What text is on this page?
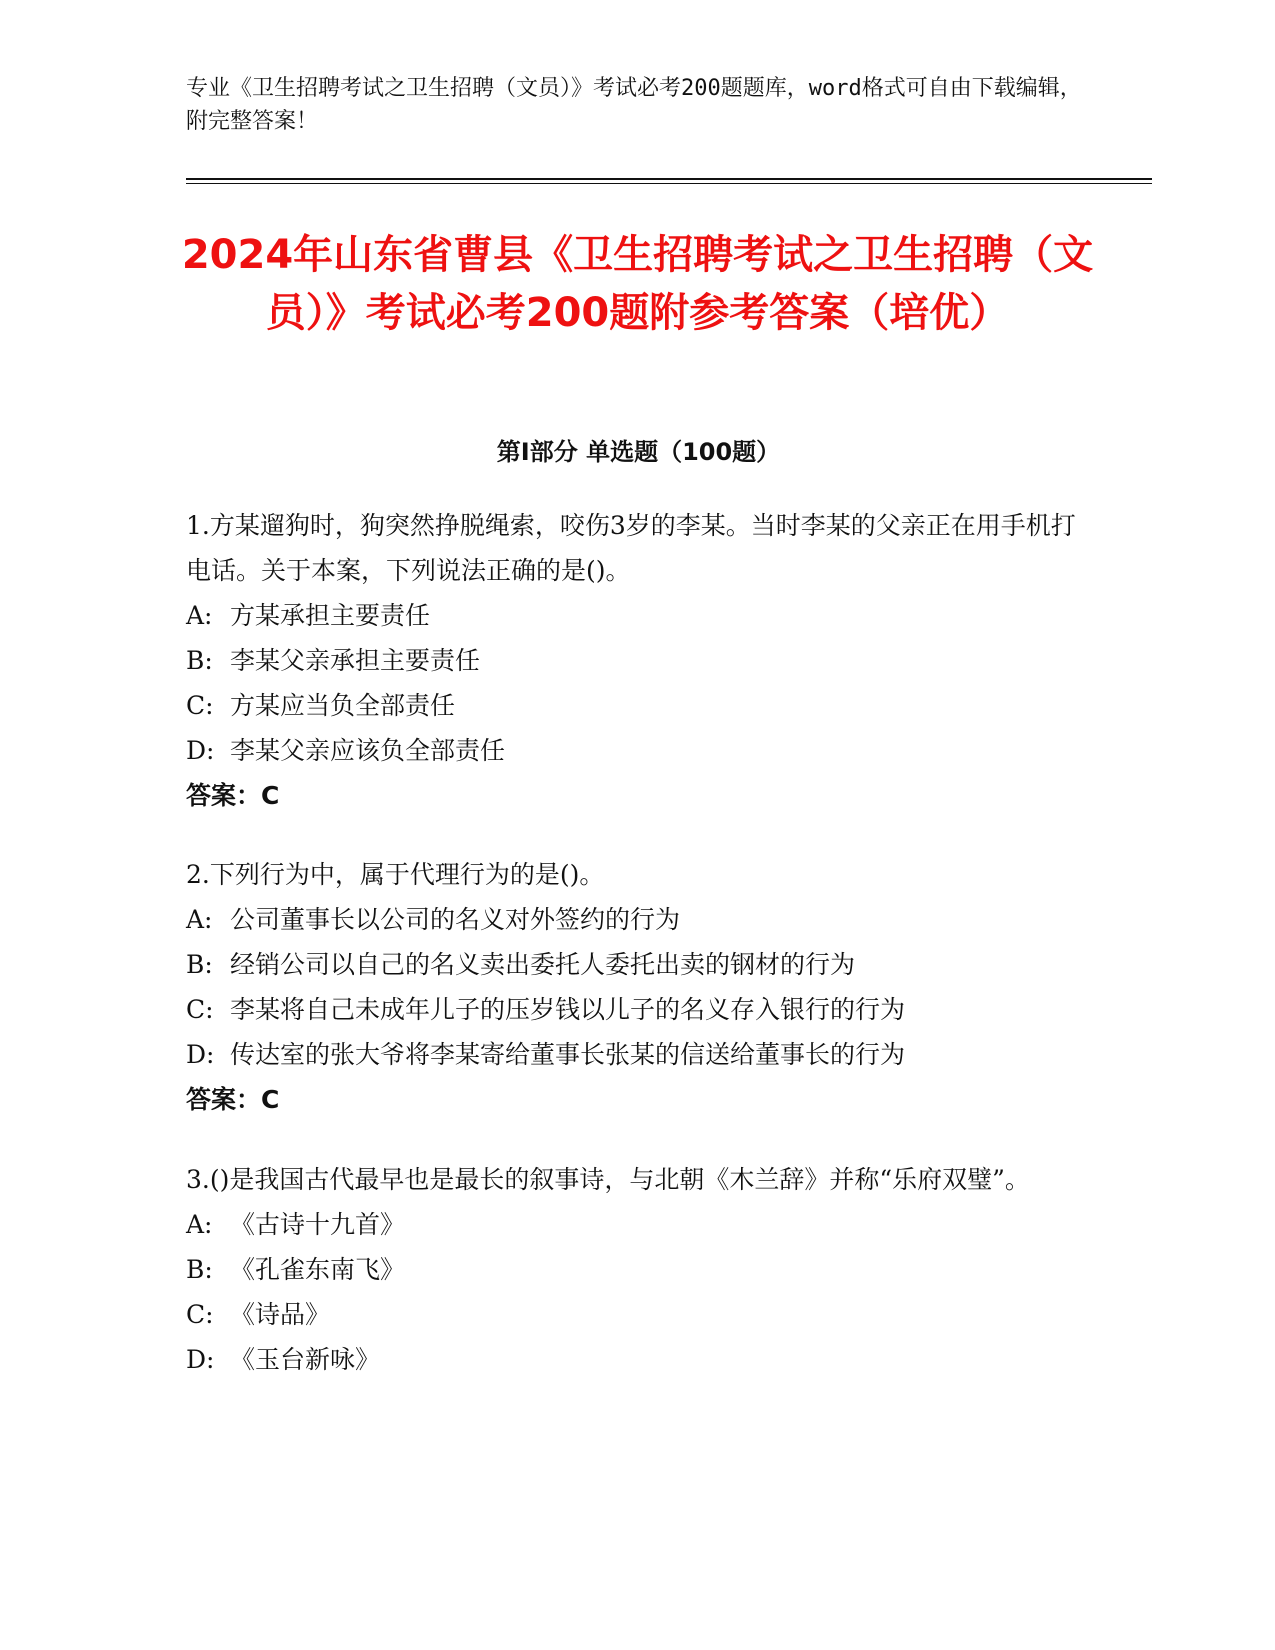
专业《卫生招聘考试之卫生招聘（文员）》考试必考200题题库，word格式可自由下载编辑，附完整答案！
2024年山东省曹县《卫生招聘考试之卫生招聘（文员）》考试必考200题附参考答案（培优）
第I部分 单选题（100题）

1.方某遛狗时，狗突然挣脱绳索，咬伤3岁的李某。当时李某的父亲正在用手机打电话。关于本案，下列说法正确的是()。

A: 方某承担主要责任
B: 李某父亲承担主要责任
C: 方某应当负全部责任
D: 李某父亲应该负全部责任

答案：C

2.下列行为中，属于代理行为的是()。

A: 公司董事长以公司的名义对外签约的行为
B: 经销公司以自己的名义卖出委托人委托出卖的钢材的行为
C: 李某将自己未成年儿子的压岁钱以儿子的名义存入银行的行为
D: 传达室的张大爷将李某寄给董事长张某的信送给董事长的行为

答案：C

3.()是我国古代最早也是最长的叙事诗，与北朝《木兰辞》并称“乐府双璧”。

A: 《古诗十九首》
B: 《孔雀东南飞》
C: 《诗品》
D: 《玉台新咏》
